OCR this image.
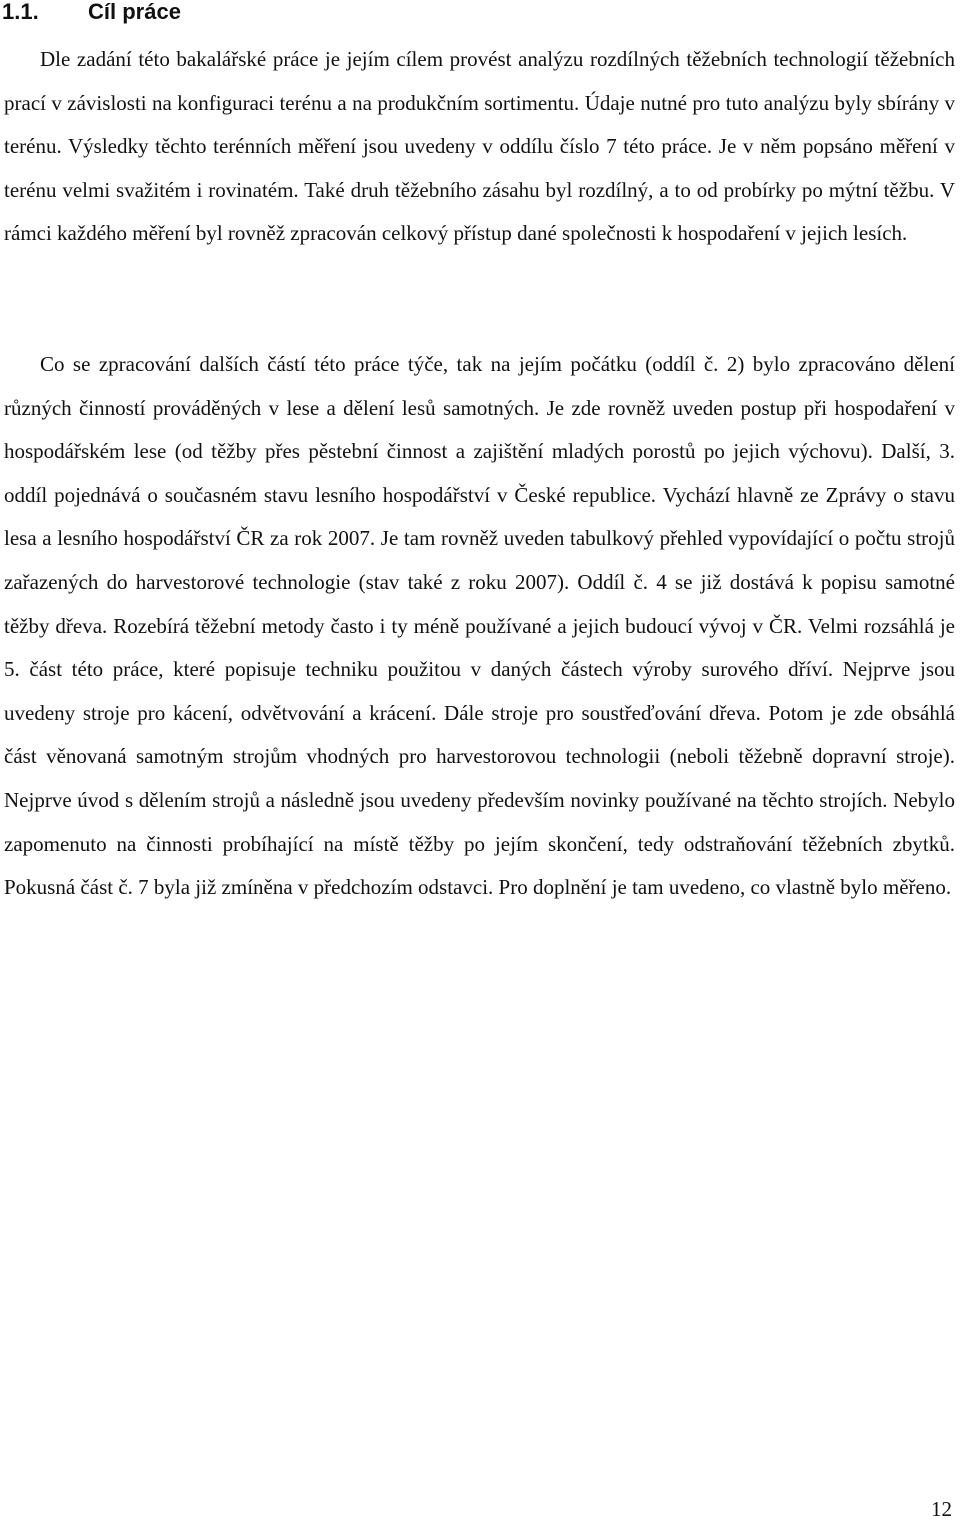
1.1. Cíl práce

Dle zadání této bakalářské práce je jejím cílem provést analýzu rozdílných těžebních technologií těžebních prací v závislosti na konfiguraci terénu a na produkčním sortimentu. Údaje nutné pro tuto analýzu byly sbírány v terénu. Výsledky těchto terénních měření jsou uvedeny v oddílu číslo 7 této práce. Je v něm popsáno měření v terénu velmi svažitém i rovinatém. Také druh těžebního zásahu byl rozdílný, a to od probírky po mýtní těžbu. V rámci každého měření byl rovněž zpracován celkový přístup dané společnosti k hospodaření v jejich lesích.

Co se zpracování dalších částí této práce týče, tak na jejím počátku (oddíl č. 2) bylo zpracováno dělení různých činností prováděných v lese a dělení lesů samotných. Je zde rovněž uveden postup při hospodaření v hospodářském lese (od těžby přes pěstební činnost a zajištění mladých porostů po jejich výchovu). Další, 3. oddíl pojednává o současném stavu lesního hospodářství v České republice. Vychází hlavně ze Zprávy o stavu lesa a lesního hospodářství ČR za rok 2007. Je tam rovněž uveden tabulkový přehled vypovídající o počtu strojů zařazených do harvestorové technologie (stav také z roku 2007). Oddíl č. 4 se již dostává k popisu samotné těžby dřeva. Rozebírá těžební metody často i ty méně používané a jejich budoucí vývoj v ČR. Velmi rozsáhlá je 5. část této práce, které popisuje techniku použitou v daných částech výroby surového dříví. Nejprve jsou uvedeny stroje pro kácení, odvětvování a krácení. Dále stroje pro soustřeďování dřeva. Potom je zde obsáhlá část věnovaná samotným strojům vhodných pro harvestorovou technologii (neboli těžebně dopravní stroje). Nejprve úvod s dělením strojů a následně jsou uvedeny především novinky používané na těchto strojích. Nebylo zapomenuto na činnosti probíhající na místě těžby po jejím skončení, tedy odstraňování těžebních zbytků. Pokusná část č. 7 byla již zmíněna v předchozím odstavci. Pro doplnění je tam uvedeno, co vlastně bylo měřeno.

12
